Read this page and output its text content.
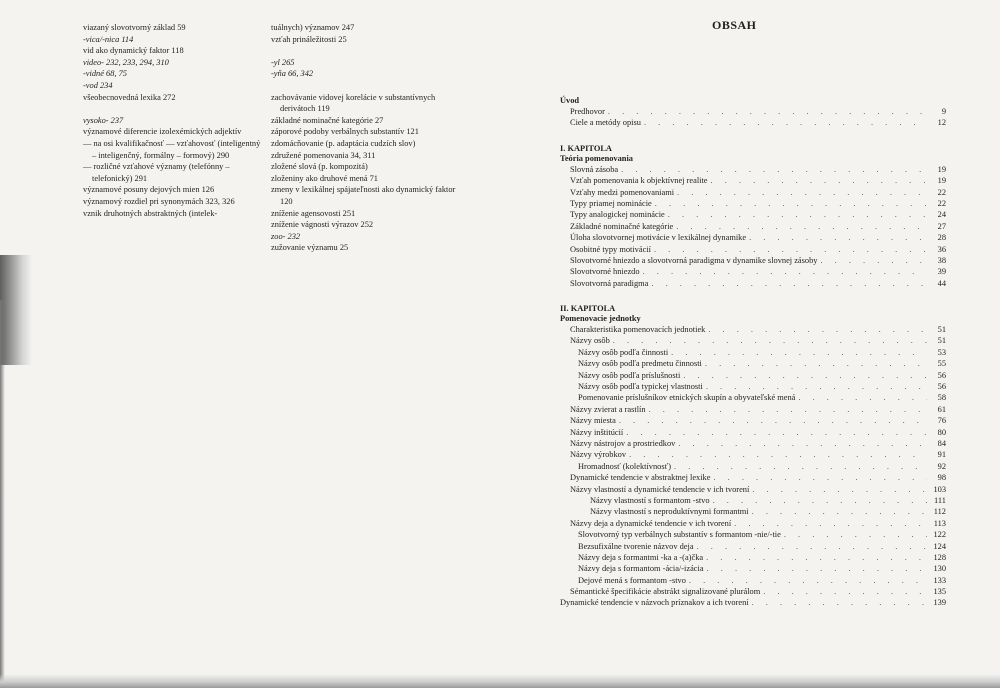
viazaný slovotvorný základ 59
-vica/-nica 114
vid ako dynamický faktor 118
video- 232, 233, 294, 310
-vidné 68, 75
-vod 234
všeobecnovedná lexika 272
vysoko- 237
významové diferencie izolexémických adjektív
— na osi kvalifikačnosť — vzťahovosť (inteligentný – inteligenčný, formálny – formový) 290
— rozličné vzťahové významy (telefónny – telefonický) 291
významové posuny dejových mien 126
významový rozdiel pri synonymách 323, 326
vznik druhotných abstraktných (intelek-
tuálnych) významov 247
vzťah prináležitosti 25
-yl 265
-yňa 66, 342
zachovávanie vidovej korelácie v substantívnych derivátoch 119
základné nominačné kategórie 27
záporové podoby verbálnych substantív 121
zdomácňovanie (p. adaptácia cudzích slov)
združené pomenovania 34, 311
zložené slová (p. kompozitá)
zloženiny ako druhové mená 71
zmeny v lexikálnej spájateľnosti ako dynamický faktor 120
zníženie agensovosti 251
zníženie vágnosti výrazov 252
zoo- 232
zužovanie významu 25
OBSAH
Úvod
Predhovor . . .	9
Ciele a metódy opisu . . .	12
I. KAPITOLA
Teória pomenovania
Slovná zásoba . . .	19
Vzťah pomenovania k objektívnej realite . . .	19
Vzťahy medzi pomenovaniami . . .	22
Typy priamej nominácie . . .	22
Typy analogickej nominácie . . .	24
Základné nominačné kategórie . . .	27
Úloha slovotvornej motivácie v lexikálnej dynamike . . .	28
Osobitné typy motivácií . . .	36
Slovotvorné hniezdo a slovotvorná paradigma v dynamike slovnej zásoby . . .	38
Slovotvorné hniezdo . . .	39
Slovotvorná paradigma . . .	44
II. KAPITOLA
Pomenovacie jednotky
Charakteristika pomenovacích jednotiek . . .	51
Názvy osôb . . .	51
Názvy osôb podľa činnosti . . .	53
Názvy osôb podľa predmetu činnosti . . .	55
Názvy osôb podľa príslušnosti . . .	56
Názvy osôb podľa typickej vlastnosti . . .	56
Pomenovanie príslušníkov etnických skupín a obyvateľské mená . . .	58
Názvy zvierat a rastlín . . .	61
Názvy miesta . . .	76
Názvy inštitúcií . . .	80
Názvy nástrojov a prostriedkov . . .	84
Názvy výrobkov . . .	91
Hromadnosť (kolektívnosť) . . .	92
Dynamické tendencie v abstraktnej lexike . . .	98
Názvy vlastností a dynamické tendencie v ich tvorení . . .	103
Názvy vlastností s formantom -stvo . . .	111
Názvy vlastností s neproduktívnymi formantmi . . .	112
Názvy deja a dynamické tendencie v ich tvorení . . .	113
Slovotvorný typ verbálnych substantív s formantom -nie/-tie . . .	122
Bezsufixálne tvorenie názvov deja . . .	124
Názvy deja s formantmi -ka a -(a)čka . . .	128
Názvy deja s formantom -ácia/-izácia . . .	130
Dejové mená s formantom -stvo . . .	133
Sémantické špecifikácie abstrákt signalizované plurálom . . .	135
Dynamické tendencie v názvoch príznakov a ich tvorení . . .	139
